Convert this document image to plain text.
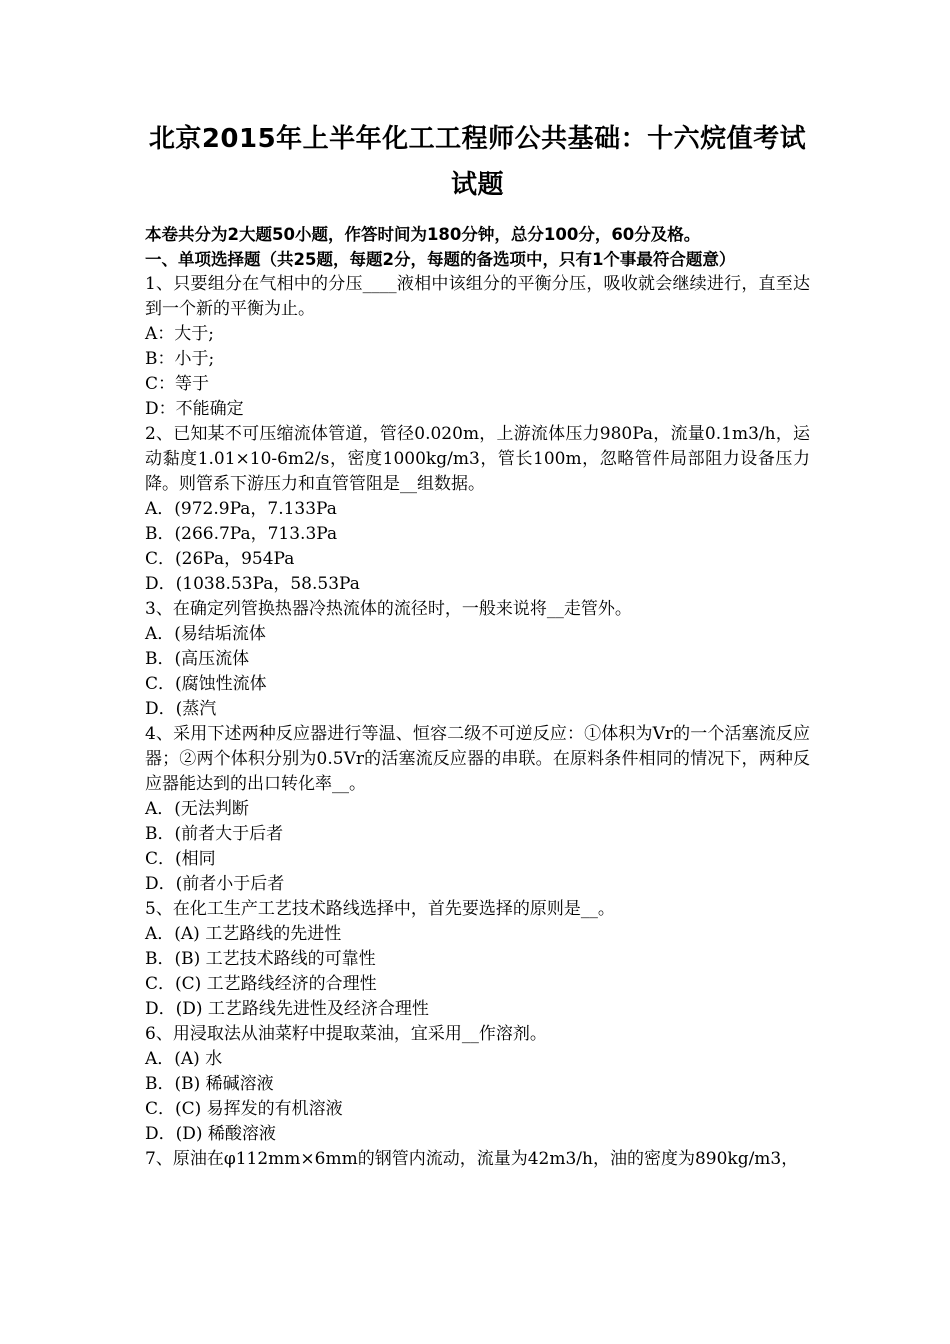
北京2015年上半年化工工程师公共基础：十六烷值考试试题
本卷共分为2大题50小题，作答时间为180分钟，总分100分，60分及格。
一、单项选择题（共25题，每题2分，每题的备选项中，只有1个事最符合题意）
1、只要组分在气相中的分压____液相中该组分的平衡分压，吸收就会继续进行，直至达到一个新的平衡为止。
A：大于;
B：小于;
C：等于
D：不能确定
2、已知某不可压缩流体管道，管径0.020m，上游流体压力980Pa，流量0.1m3/h，运动黏度1.01×10-6m2/s，密度1000kg/m3，管长100m，忽略管件局部阻力设备压力降。则管系下游压力和直管管阻是__组数据。
A．(972.9Pa，7.133Pa
B．(266.7Pa，713.3Pa
C．(26Pa，954Pa
D．(1038.53Pa，58.53Pa
3、在确定列管换热器冷热流体的流径时，一般来说将__走管外。
A．(易结垢流体
B．(高压流体
C．(腐蚀性流体
D．(蒸汽
4、采用下述两种反应器进行等温、恒容二级不可逆反应：①体积为Vr的一个活塞流反应器；②两个体积分别为0.5Vr的活塞流反应器的串联。在原料条件相同的情况下，两种反应器能达到的出口转化率__。
A．(无法判断
B．(前者大于后者
C．(相同
D．(前者小于后者
5、在化工生产工艺技术路线选择中，首先要选择的原则是__。
A．(A) 工艺路线的先进性
B．(B) 工艺技术路线的可靠性
C．(C) 工艺路线经济的合理性
D．(D) 工艺路线先进性及经济合理性
6、用浸取法从油菜籽中提取菜油，宜采用__作溶剂。
A．(A) 水
B．(B) 稀碱溶液
C．(C) 易挥发的有机溶液
D．(D) 稀酸溶液
7、原油在φ112mm×6mm的钢管内流动，流量为42m3/h，油的密度为890kg/m3，
